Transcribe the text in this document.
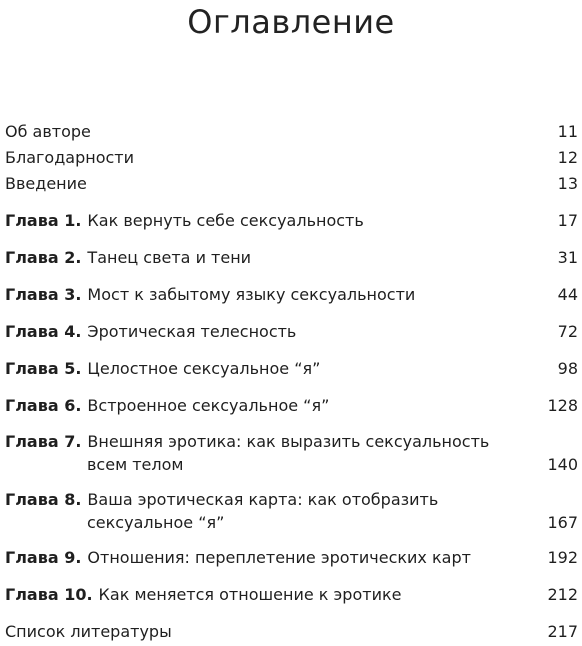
Оглавление
Об авторе	11
Благодарности	12
Введение	13
Глава 1. Как вернуть себе сексуальность	17
Глава 2. Танец света и тени	31
Глава 3. Мост к забытому языку сексуальности	44
Глава 4. Эротическая телесность	72
Глава 5. Целостное сексуальное “я”	98
Глава 6. Встроенное сексуальное “я”	128
Глава 7. Внешняя эротика: как выразить сексуальность
всем телом	140
Глава 8. Ваша эротическая карта: как отобразить
сексуальное “я”	167
Глава 9. Отношения: переплетение эротических карт	192
Глава 10. Как меняется отношение к эротике	212
Список литературы	217
